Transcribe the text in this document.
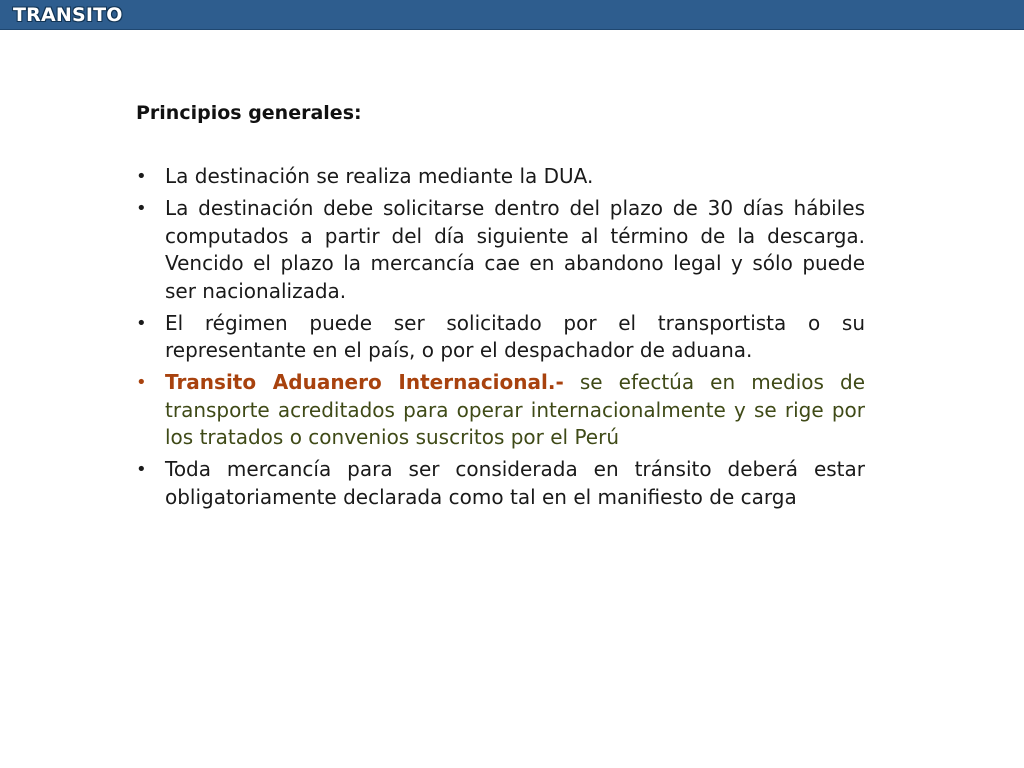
TRANSITO
Principios generales:
• La destinación se realiza mediante la DUA.
• La destinación debe solicitarse dentro del plazo de 30 días hábiles computados a partir del día siguiente al término de la descarga. Vencido el plazo la mercancía cae en abandono legal y sólo puede ser nacionalizada.
• El régimen puede ser solicitado por el transportista o su representante en el país, o por el despachador de aduana.
• Transito Aduanero Internacional.- se efectúa en medios de transporte acreditados para operar internacionalmente y se rige por los tratados o convenios suscritos por el Perú
• Toda mercancía para ser considerada en tránsito deberá estar obligatoriamente declarada como tal en el manifiesto de carga
